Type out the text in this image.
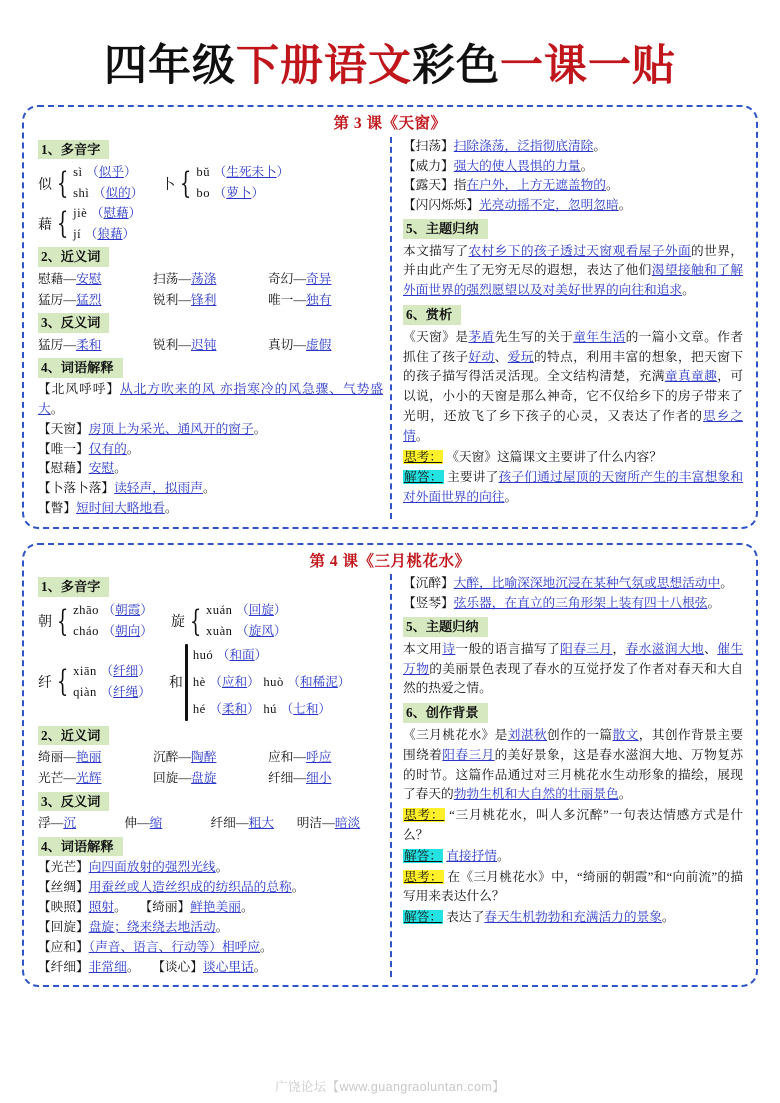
四年级下册语文彩色一课一贴
第 3 课《天窗》
1、多音字
似 { sì （似乎）
shì （似的）
卜 { bǔ （生死未卜）
bo （萝卜）
藉 { jiè （慰藉）
jí （狼藉）
2、近义词
慰藉—安慰	扫荡—荡涤	奇幻—奇异
猛厉—猛烈	锐利—锋利	唯一—独有
3、反义词
猛厉—柔和	锐利—迟钝	真切—虚假
4、词语解释
【北风呼呼】从北方吹来的风 亦指寒冷的风急骤、气势盛大。
【天窗】房顶上为采光、通风开的窗子。
【唯一】仅有的。
【慰藉】安慰。
【卜落卜落】读轻声，拟雨声。
【瞥】短时间大略地看。
【扫荡】扫除涤荡，泛指彻底清除。
【威力】强大的使人畏惧的力量。
【露天】指在户外，上方无遮盖物的。
【闪闪烁烁】光亮动摇不定，忽明忽暗。
5、主题归纳
本文描写了农村乡下的孩子透过天窗观看屋子外面的世界，并由此产生了无穷无尽的遐想，表达了他们渴望接触和了解外面世界的强烈愿望以及对美好世界的向往和追求。
6、赏析
《天窗》是茅盾先生写的关于童年生活的一篇小文章。作者抓住了孩子好动、爱玩的特点，利用丰富的想象，把天窗下的孩子描写得活灵活现。全文结构清楚，充满童真童趣，可以说，小小的天窗是那么神奇，它不仅给乡下的房子带来了光明，还放飞了乡下孩子的心灵，又表达了作者的思乡之情。
思考： 《天窗》这篇课文主要讲了什么内容？
解答： 主要讲了孩子们通过屋顶的天窗所产生的丰富想象和对外面世界的向往。
第 4 课《三月桃花水》
1、多音字
朝 { zhāo （朝霞）
cháo （朝向）
旋 { xuán （回旋）
xuàn （旋风）
纤 { xiān （纤细）
qiàn （纤绳）
和
huó （和面）
hè （应和） huò （和稀泥）
hé （柔和） hú （七和）
2、近义词
绮丽—艳丽	沉醉—陶醉	应和—呼应
光芒—光辉	回旋—盘旋	纤细—细小
3、反义词
浮—沉	伸—缩	纤细—粗大	明洁—暗淡
4、词语解释
【光芒】向四面放射的强烈光线。
【丝绸】用蚕丝或人造丝织成的纺织品的总称。
【映照】照射。   【绮丽】鲜艳美丽。
【回旋】盘旋；绕来绕去地活动。
【应和】（声音、语言、行动等）相呼应。
【纤细】非常细。   【谈心】谈心里话。
【沉醉】大醉，比喻深深地沉浸在某种气氛或思想活动中。
【竖琴】弦乐器，在直立的三角形架上装有四十八根弦。
5、主题归纳
本文用诗一般的语言描写了阳春三月，春水滋润大地、催生万物的美丽景色表现了春水的互觉抒发了作者对春天和大自然的热爱之情。
6、创作背景
《三月桃花水》是刘湛秋创作的一篇散文，其创作背景主要围绕着阳春三月的美好景象，这是春水滋润大地、万物复苏的时节。这篇作品通过对三月桃花水生动形象的描绘，展现了春天的勃勃生机和大自然的壮丽景色。
思考： “三月桃花水，叫人多沉醉”一句表达情感方式是什么？
解答： 直接抒情。
思考： 在《三月桃花水》中，“绮丽的朝霞”和“向前流”的描写用来表达什么？
解答： 表达了春天生机勃勃和充满活力的景象。
广饶论坛【www.guangraoluntan.com】
